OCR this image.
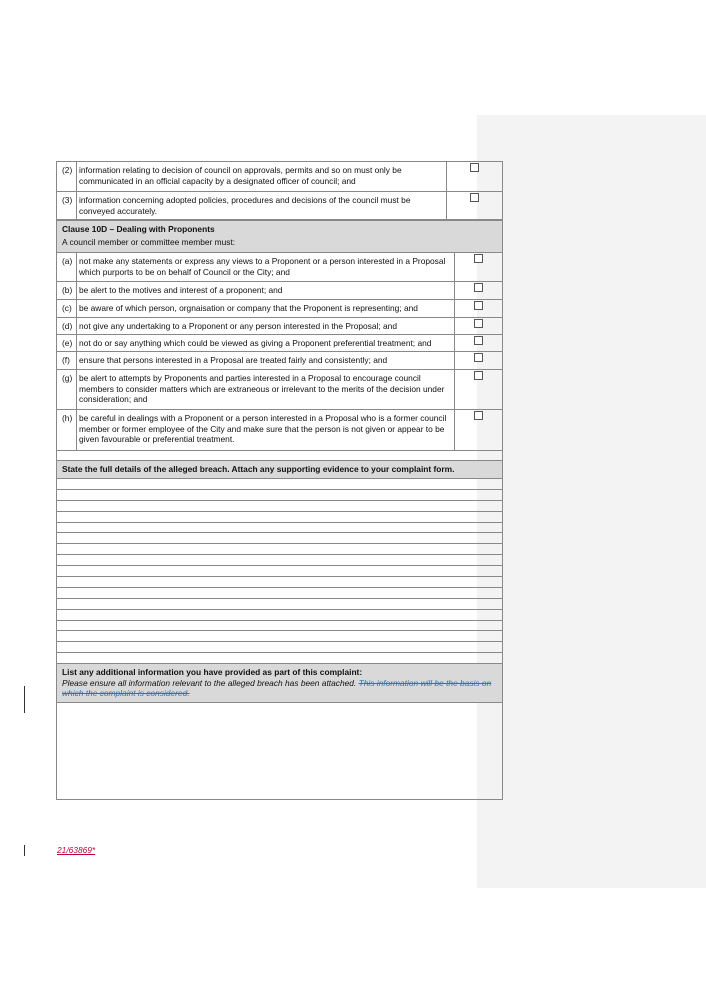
(2)	information relating to decision of council on approvals, permits and so on must only be communicated in an official capacity by a designated officer of council; and	
(3)	information concerning adopted policies, procedures and decisions of the council must be conveyed accurately.	
Clause 10D – Dealing with Proponents
A council member or committee member must:		

(a)	not make any statements or express any views to a Proponent or a person interested in a Proposal which purports to be on behalf of Council or the City; and	
(b)	be alert to the motives and interest of a proponent; and	
(c)	be aware of which person, orgnaisation or company that the Proponent is representing; and	
(d)	not give any undertaking to a Proponent or any person interested in the Proposal; and	
(e)	not do or say anything which could be viewed as giving a Proponent preferential treatment; and	
(f)	ensure that persons interested in a Proposal are treated fairly and consistently; and	
(g)	be alert to attempts by Proponents and parties interested in a Proposal to encourage council members to consider matters which are extraneous or irrelevant to the merits of the decision under consideration; and	
(h)	be careful in dealings with a Proponent or a person interested in a Proposal who is a former council member or former employee of the City and make sure that the person is not given or appear to be given favourable or preferential treatment.	

State the full details of the alleged breach. Attach any supporting evidence to your complaint form.		

List any additional information you have provided as part of this complaint:
Please ensure all information relevant to the alleged breach has been attached. This information will be the basis on which the complaint is considered.		

21/63869*
